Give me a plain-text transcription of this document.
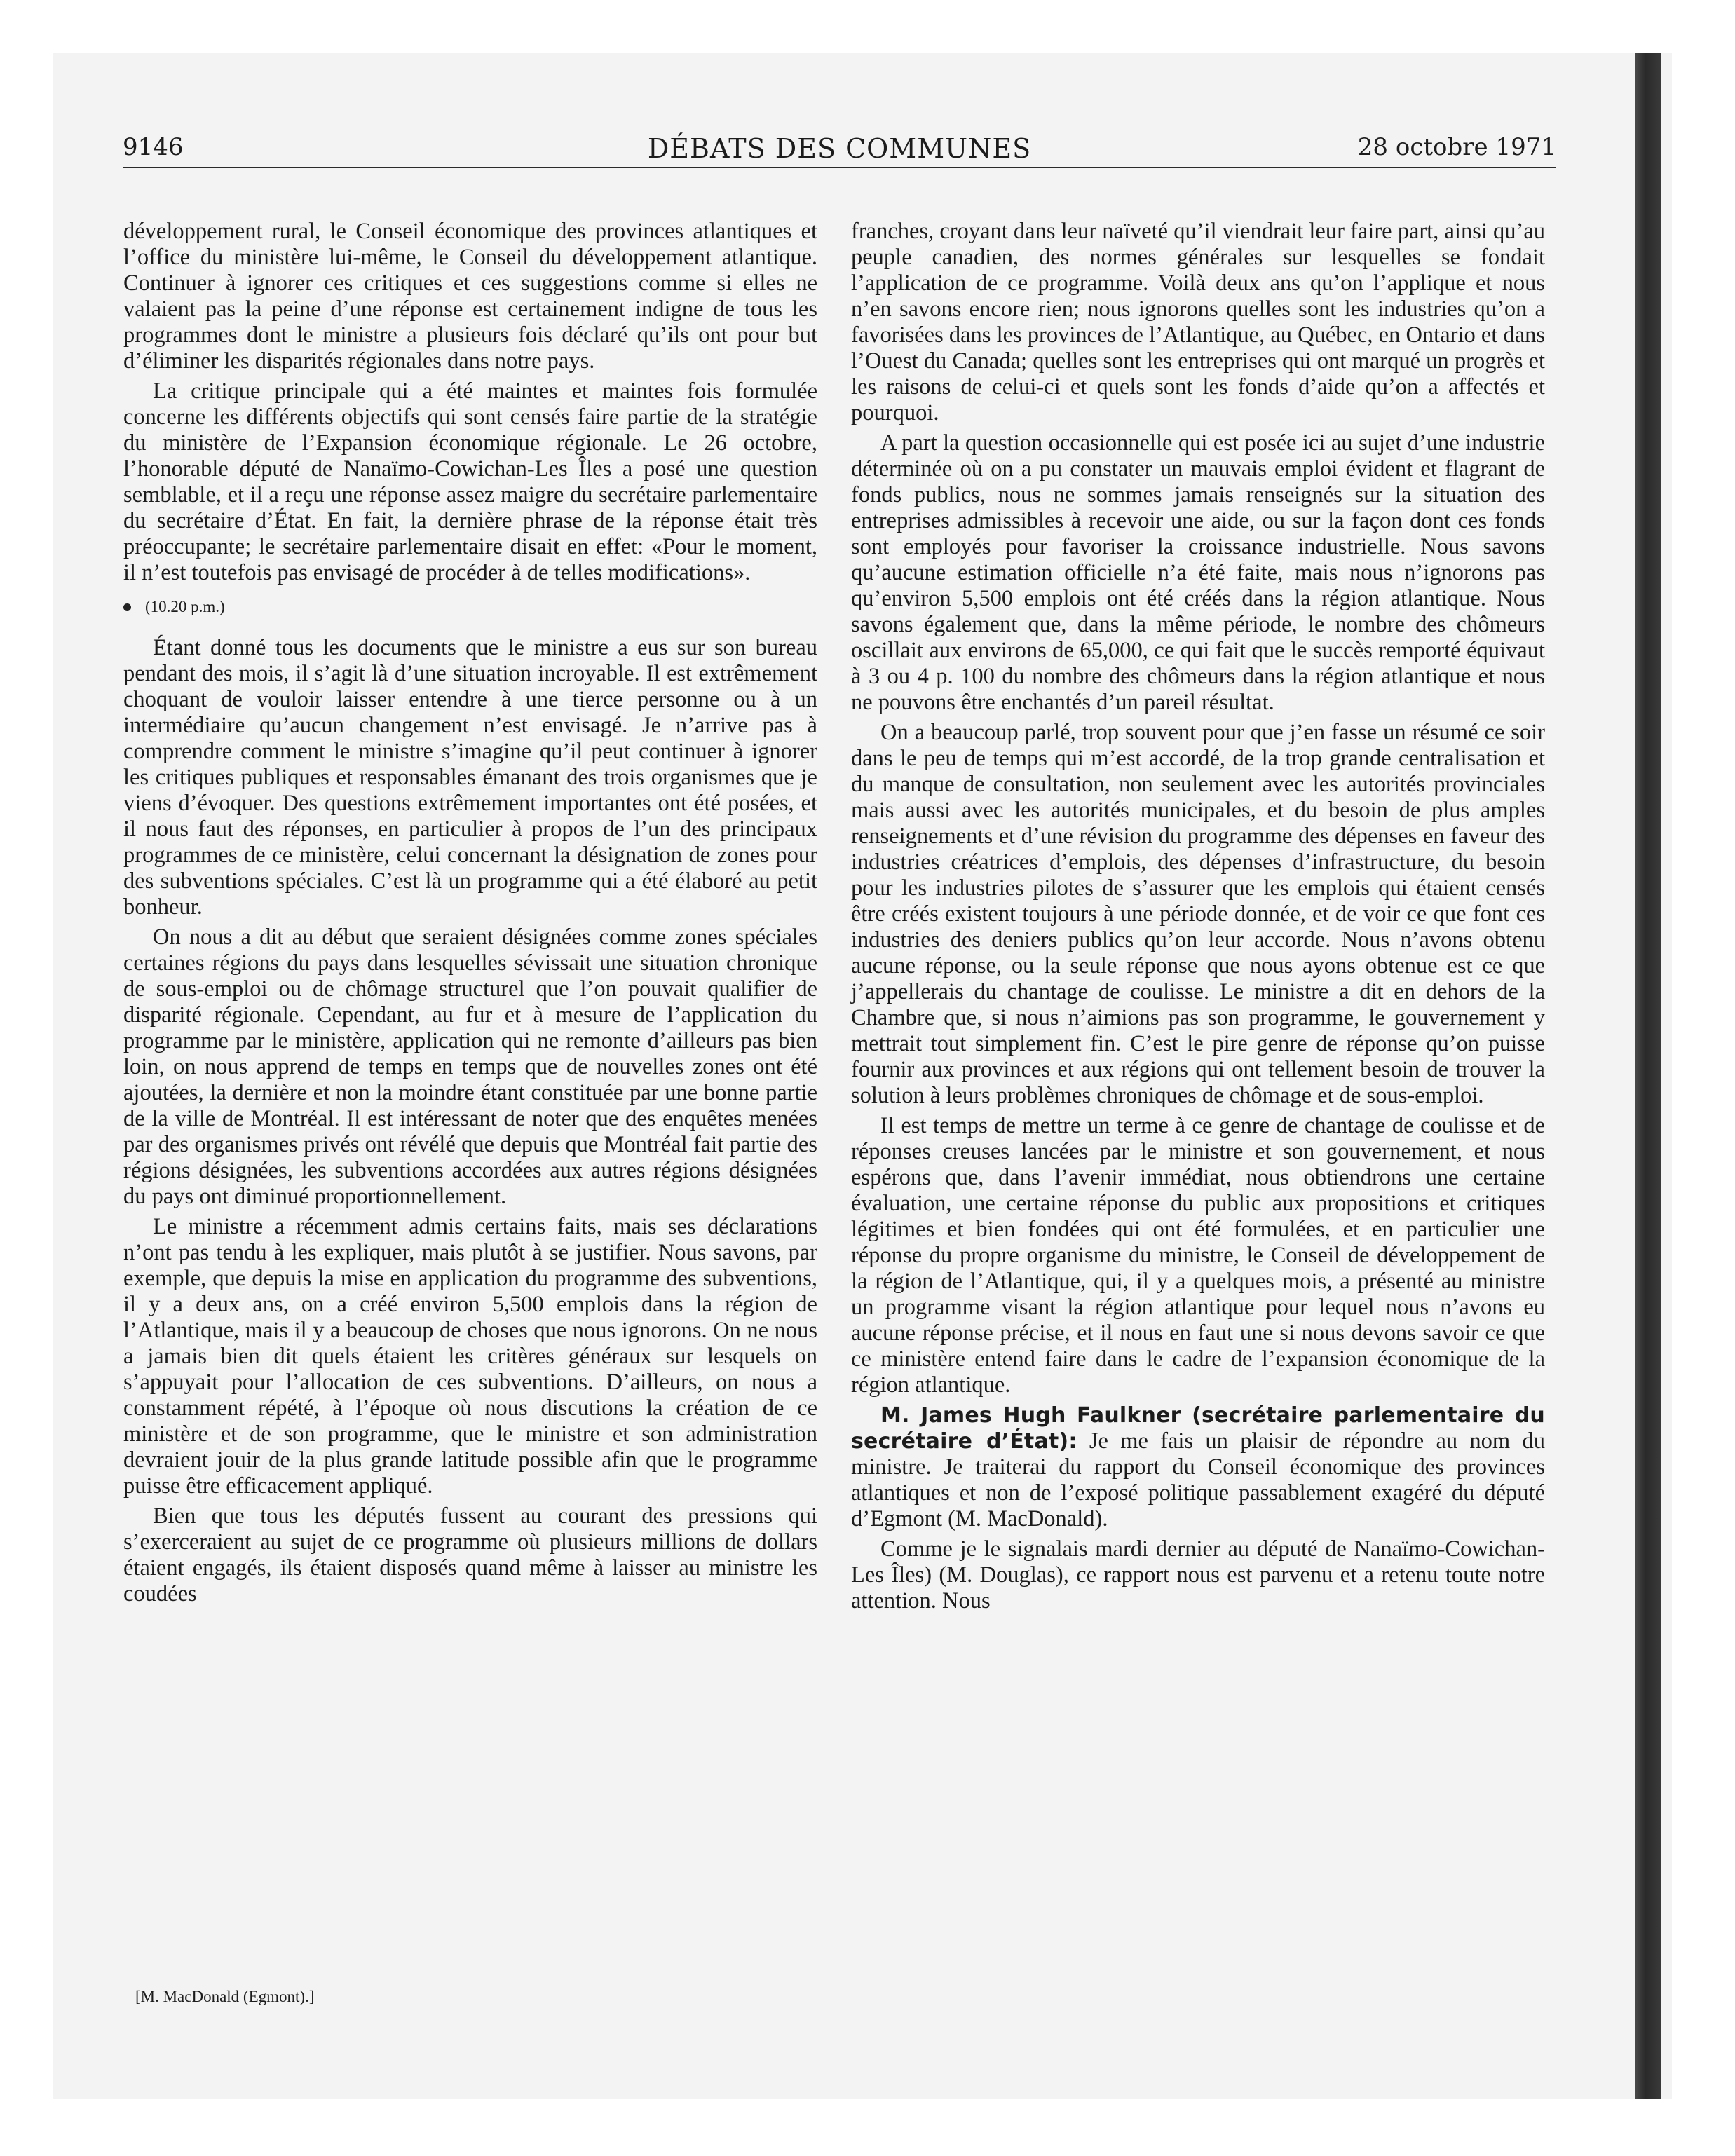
9146	DÉBATS DES COMMUNES	28 octobre 1971

développement rural, le Conseil économique des provinces atlantiques et l’office du ministère lui-même, le Conseil du développement atlantique. Continuer à ignorer ces critiques et ces suggestions comme si elles ne valaient pas la peine d’une réponse est certainement indigne de tous les programmes dont le ministre a plusieurs fois déclaré qu’ils ont pour but d’éliminer les disparités régionales dans notre pays.

La critique principale qui a été maintes et maintes fois formulée concerne les différents objectifs qui sont censés faire partie de la stratégie du ministère de l’Expansion économique régionale. Le 26 octobre, l’honorable député de Nanaïmo-Cowichan-Les Îles a posé une question semblable, et il a reçu une réponse assez maigre du secrétaire parlementaire du secrétaire d’État. En fait, la dernière phrase de la réponse était très préoccupante; le secrétaire parlementaire disait en effet: «Pour le moment, il n’est toutefois pas envisagé de procéder à de telles modifications».

(10.20 p.m.)

Étant donné tous les documents que le ministre a eus sur son bureau pendant des mois, il s’agit là d’une situation incroyable. Il est extrêmement choquant de vouloir laisser entendre à une tierce personne ou à un intermédiaire qu’aucun changement n’est envisagé. Je n’arrive pas à comprendre comment le ministre s’imagine qu’il peut continuer à ignorer les critiques publiques et responsables émanant des trois organismes que je viens d’évoquer. Des questions extrêmement importantes ont été posées, et il nous faut des réponses, en particulier à propos de l’un des principaux programmes de ce ministère, celui concernant la désignation de zones pour des subventions spéciales. C’est là un programme qui a été élaboré au petit bonheur.

On nous a dit au début que seraient désignées comme zones spéciales certaines régions du pays dans lesquelles sévissait une situation chronique de sous-emploi ou de chômage structurel que l’on pouvait qualifier de disparité régionale. Cependant, au fur et à mesure de l’application du programme par le ministère, application qui ne remonte d’ailleurs pas bien loin, on nous apprend de temps en temps que de nouvelles zones ont été ajoutées, la dernière et non la moindre étant constituée par une bonne partie de la ville de Montréal. Il est intéressant de noter que des enquêtes menées par des organismes privés ont révélé que depuis que Montréal fait partie des régions désignées, les subventions accordées aux autres régions désignées du pays ont diminué proportionnellement.

Le ministre a récemment admis certains faits, mais ses déclarations n’ont pas tendu à les expliquer, mais plutôt à se justifier. Nous savons, par exemple, que depuis la mise en application du programme des subventions, il y a deux ans, on a créé environ 5,500 emplois dans la région de l’Atlantique, mais il y a beaucoup de choses que nous ignorons. On ne nous a jamais bien dit quels étaient les critères généraux sur lesquels on s’appuyait pour l’allocation de ces subventions. D’ailleurs, on nous a constamment répété, à l’époque où nous discutions la création de ce ministère et de son programme, que le ministre et son administration devraient jouir de la plus grande latitude possible afin que le programme puisse être efficacement appliqué.

Bien que tous les députés fussent au courant des pressions qui s’exerceraient au sujet de ce programme où plusieurs millions de dollars étaient engagés, ils étaient disposés quand même à laisser au ministre les coudées

franches, croyant dans leur naïveté qu’il viendrait leur faire part, ainsi qu’au peuple canadien, des normes générales sur lesquelles se fondait l’application de ce programme. Voilà deux ans qu’on l’applique et nous n’en savons encore rien; nous ignorons quelles sont les industries qu’on a favorisées dans les provinces de l’Atlantique, au Québec, en Ontario et dans l’Ouest du Canada; quelles sont les entreprises qui ont marqué un progrès et les raisons de celui-ci et quels sont les fonds d’aide qu’on a affectés et pourquoi.

A part la question occasionnelle qui est posée ici au sujet d’une industrie déterminée où on a pu constater un mauvais emploi évident et flagrant de fonds publics, nous ne sommes jamais renseignés sur la situation des entreprises admissibles à recevoir une aide, ou sur la façon dont ces fonds sont employés pour favoriser la croissance industrielle. Nous savons qu’aucune estimation officielle n’a été faite, mais nous n’ignorons pas qu’environ 5,500 emplois ont été créés dans la région atlantique. Nous savons également que, dans la même période, le nombre des chômeurs oscillait aux environs de 65,000, ce qui fait que le succès remporté équivaut à 3 ou 4 p. 100 du nombre des chômeurs dans la région atlantique et nous ne pouvons être enchantés d’un pareil résultat.

On a beaucoup parlé, trop souvent pour que j’en fasse un résumé ce soir dans le peu de temps qui m’est accordé, de la trop grande centralisation et du manque de consultation, non seulement avec les autorités provinciales mais aussi avec les autorités municipales, et du besoin de plus amples renseignements et d’une révision du programme des dépenses en faveur des industries créatrices d’emplois, des dépenses d’infrastructure, du besoin pour les industries pilotes de s’assurer que les emplois qui étaient censés être créés existent toujours à une période donnée, et de voir ce que font ces industries des deniers publics qu’on leur accorde. Nous n’avons obtenu aucune réponse, ou la seule réponse que nous ayons obtenue est ce que j’appellerais du chantage de coulisse. Le ministre a dit en dehors de la Chambre que, si nous n’aimions pas son programme, le gouvernement y mettrait tout simplement fin. C’est le pire genre de réponse qu’on puisse fournir aux provinces et aux régions qui ont tellement besoin de trouver la solution à leurs problèmes chroniques de chômage et de sous-emploi.

Il est temps de mettre un terme à ce genre de chantage de coulisse et de réponses creuses lancées par le ministre et son gouvernement, et nous espérons que, dans l’avenir immédiat, nous obtiendrons une certaine évaluation, une certaine réponse du public aux propositions et critiques légitimes et bien fondées qui ont été formulées, et en particulier une réponse du propre organisme du ministre, le Conseil de développement de la région de l’Atlantique, qui, il y a quelques mois, a présenté au ministre un programme visant la région atlantique pour lequel nous n’avons eu aucune réponse précise, et il nous en faut une si nous devons savoir ce que ce ministère entend faire dans le cadre de l’expansion économique de la région atlantique.

M. James Hugh Faulkner (secrétaire parlementaire du secrétaire d’État): Je me fais un plaisir de répondre au nom du ministre. Je traiterai du rapport du Conseil économique des provinces atlantiques et non de l’exposé politique passablement exagéré du député d’Egmont (M. MacDonald).

Comme je le signalais mardi dernier au député de Nanaïmo-Cowichan-Les Îles) (M. Douglas), ce rapport nous est parvenu et a retenu toute notre attention. Nous

[M. MacDonald (Egmont).]
